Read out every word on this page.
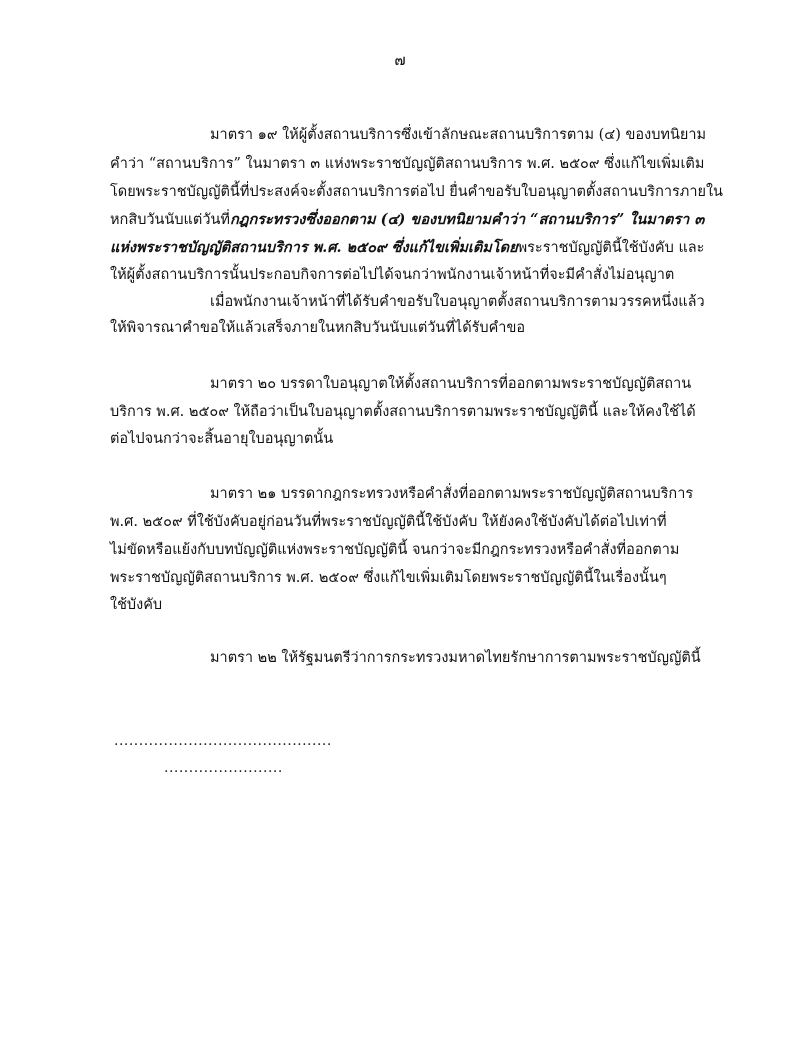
๗
มาตรา ๑๙ ให้ผู้ตั้งสถานบริการซึ่งเข้าลักษณะสถานบริการตาม (๔) ของบทนิยาม
คำว่า “สถานบริการ” ในมาตรา ๓ แห่งพระราชบัญญัติสถานบริการ พ.ศ. ๒๕๐๙ ซึ่งแก้ไขเพิ่มเติม
โดยพระราชบัญญัตินี้ที่ประสงค์จะตั้งสถานบริการต่อไป ยื่นคำขอรับใบอนุญาตตั้งสถานบริการภายใน
หกสิบวันนับแต่วันที่กฎกระทรวงซึ่งออกตาม (๔) ของบทนิยามคำว่า “สถานบริการ” ในมาตรา ๓
แห่งพระราชบัญญัติสถานบริการ พ.ศ. ๒๕๐๙ ซึ่งแก้ไขเพิ่มเติมโดยพระราชบัญญัตินี้ใช้บังคับ และ
ให้ผู้ตั้งสถานบริการนั้นประกอบกิจการต่อไปได้จนกว่าพนักงานเจ้าหน้าที่จะมีคำสั่งไม่อนุญาต
เมื่อพนักงานเจ้าหน้าที่ได้รับคำขอรับใบอนุญาตตั้งสถานบริการตามวรรคหนึ่งแล้ว
ให้พิจารณาคำขอให้แล้วเสร็จภายในหกสิบวันนับแต่วันที่ได้รับคำขอ
มาตรา ๒๐ บรรดาใบอนุญาตให้ตั้งสถานบริการที่ออกตามพระราชบัญญัติสถาน
บริการ พ.ศ. ๒๕๐๙ ให้ถือว่าเป็นใบอนุญาตตั้งสถานบริการตามพระราชบัญญัตินี้ และให้คงใช้ได้
ต่อไปจนกว่าจะสิ้นอายุใบอนุญาตนั้น
มาตรา ๒๑ บรรดากฎกระทรวงหรือคำสั่งที่ออกตามพระราชบัญญัติสถานบริการ
พ.ศ. ๒๕๐๙ ที่ใช้บังคับอยู่ก่อนวันที่พระราชบัญญัตินี้ใช้บังคับ ให้ยังคงใช้บังคับได้ต่อไปเท่าที่
ไม่ขัดหรือแย้งกับบทบัญญัติแห่งพระราชบัญญัตินี้ จนกว่าจะมีกฎกระทรวงหรือคำสั่งที่ออกตาม
พระราชบัญญัติสถานบริการ พ.ศ. ๒๕๐๙ ซึ่งแก้ไขเพิ่มเติมโดยพระราชบัญญัตินี้ในเรื่องนั้นๆ
ใช้บังคับ
มาตรา ๒๒ ให้รัฐมนตรีว่าการกระทรวงมหาดไทยรักษาการตามพระราชบัญญัตินี้
............................................
........................
